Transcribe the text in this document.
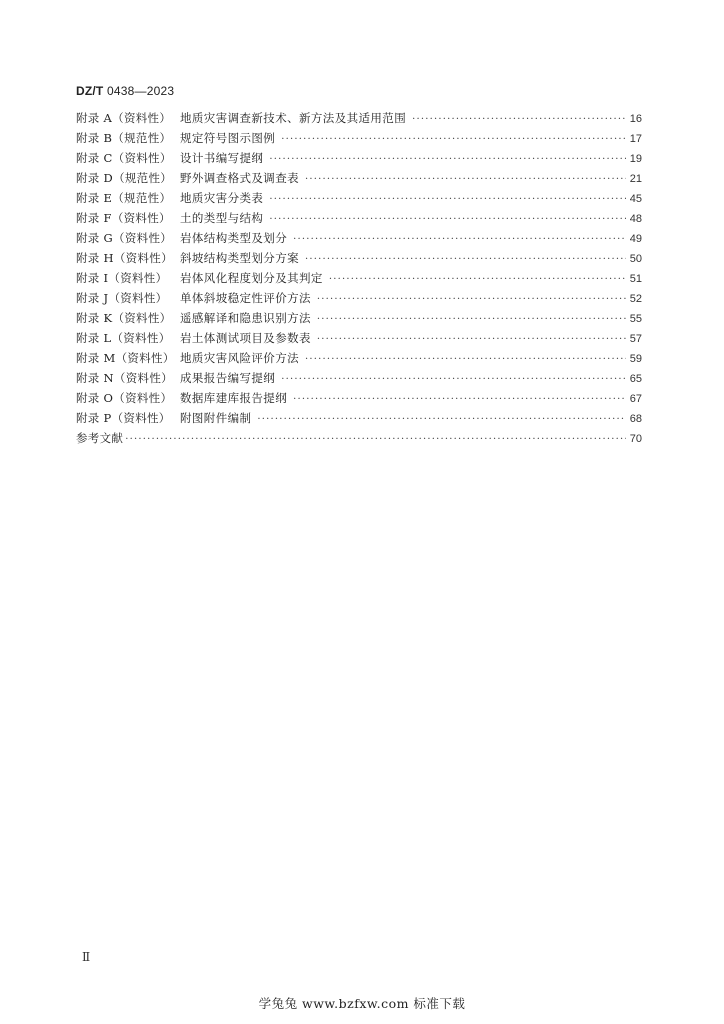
DZ/T 0438—2023
附录 A（资料性） 地质灾害调查新技术、新方法及其适用范围 ·····	16
附录 B（规范性） 规定符号图示图例 ·····	17
附录 C（资料性） 设计书编写提纲 ·····	19
附录 D（规范性） 野外调查格式及调查表 ·····	21
附录 E（规范性） 地质灾害分类表 ·····	45
附录 F（资料性） 土的类型与结构 ·····	48
附录 G（资料性） 岩体结构类型及划分 ·····	49
附录 H（资料性） 斜坡结构类型划分方案 ·····	50
附录 I（资料性）	岩体风化程度划分及其判定 ·····	51
附录 J（资料性）	单体斜坡稳定性评价方法 ·····	52
附录 K（资料性） 遥感解译和隐患识别方法 ·····	55
附录 L（资料性） 岩土体测试项目及参数表 ·····	57
附录 M（资料性） 地质灾害风险评价方法 ·····	59
附录 N（资料性） 成果报告编写提纲 ·····	65
附录 O（资料性） 数据库建库报告提纲 ·····	67
附录 P（资料性） 附图附件编制 ·····	68
参考文献 ·····	70
Ⅱ
学兔兔 www.bzfxw.com 标准下载
